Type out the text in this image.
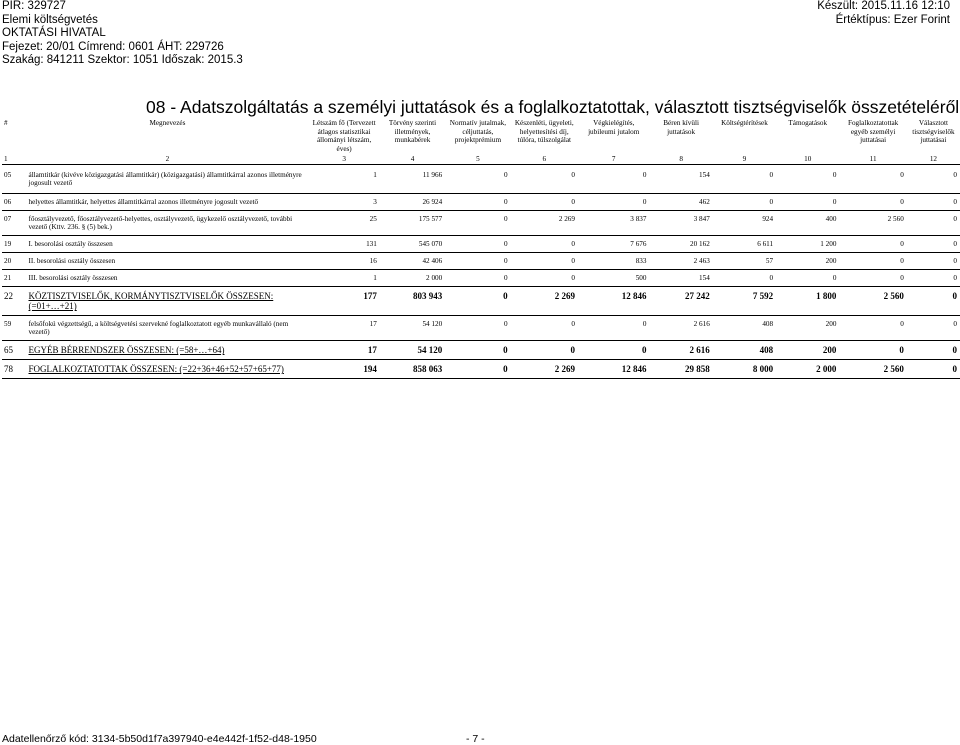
PIR: 329727
Elemi költségvetés
OKTATÁSI HIVATAL
Fejezet: 20/01 Címrend: 0601 ÁHT: 229726
Szakág: 841211 Szektor: 1051 Időszak: 2015.3
Készült: 2015.11.16 12:10
Értéktípus: Ezer Forint
08 - Adatszolgáltatás a személyi juttatások és a foglalkoztatottak, választott tisztségviselők összetételéről
#	Megnevezés	Létszám fő (Tervezett átlagos statisztikai állományi létszám, éves)	Törvény szerinti illetmények, munkabérek	Normatív jutalmak, céljuttatás, projektprémium	Készenléti, ügyeleti, helyettesítési díj, túlóra, túlszolgálat	Végkielégítés, jubileumi jutalom	Béren kívüli juttatások	Költségtérítések	Támogatások	Foglalkoztatottak egyéb személyi juttatásai	Választott tisztségviselők juttatásai
1	2	3	4	5	6	7	8	9	10	11	12
05	államtitkár (kivéve közigazgatási államtitkár) (közigazgatási) államtitkárral azonos illetményre jogosult vezető	1	11 966	0	0	0	154	0	0	0	0
06	helyettes államtitkár, helyettes államtitkárral azonos illetményre jogosult vezető	3	26 924	0	0	0	462	0	0	0	0
07	főosztályvezető, főosztályvezető-helyettes, osztályvezető, ügykezelő osztályvezető, további vezető (Kttv. 236. § (5) bek.)	25	175 577	0	2 269	3 837	3 847	924	400	2 560	0
19	I. besorolási osztály összesen	131	545 070	0	0	7 676	20 162	6 611	1 200	0	0
20	II. besorolási osztály összesen	16	42 406	0	0	833	2 463	57	200	0	0
21	III. besorolási osztály összesen	1	2 000	0	0	500	154	0	0	0	0
22	KÖZTISZTVISELŐK, KORMÁNYTISZTVISELŐK ÖSSZESEN: (=01+…+21)	177	803 943	0	2 269	12 846	27 242	7 592	1 800	2 560	0
59	felsőfokú végzettségű, a költségvetési szervekné foglalkoztatott egyéb munkavállaló (nem vezető)	17	54 120	0	0	0	2 616	408	200	0	0
65	EGYÉB BÉRRENDSZER ÖSSZESEN: (=58+…+64)	17	54 120	0	0	0	2 616	408	200	0	0
78	FOGLALKOZTATOTTAK ÖSSZESEN: (=22+36+46+52+57+65+77)	194	858 063	0	2 269	12 846	29 858	8 000	2 000	2 560	0
Adatellenőrző kód: 3134-5b50d1f7a397940-e4e442f-1f52-d48-1950	- 7 -
